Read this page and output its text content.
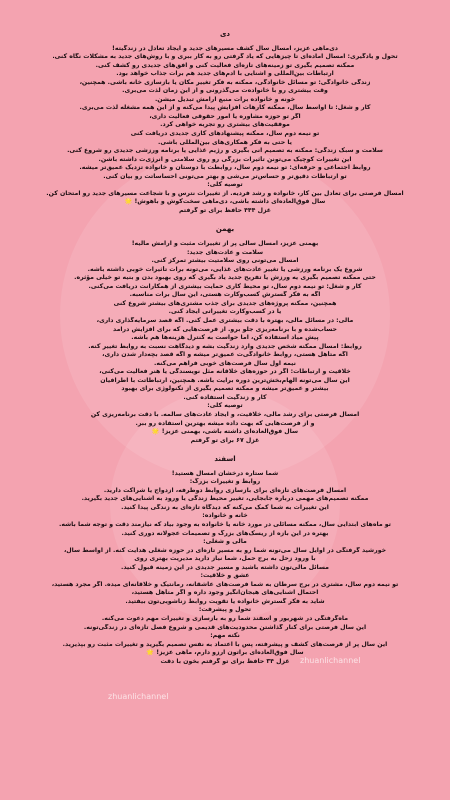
دی
دی‌ماهی عزیز، امسال سال کشف مسیرهای جدید و ایجاد تعادل در زندگیته!
تحول و یادگیری: امسال آماده‌ای تا چیزهایی که یاد گرفتی رو به کار ببری و با روش‌های جدید به مشکلات نگاه کنی.
ممکنه تصمیم بگیری تو زمینه‌های تازه‌ای فعالیت کنی و افق‌های جدیدی رو کشف کنی.
ارتباطات بین‌المللی و آشنایی با آدم‌های جدید هم برات جذاب خواهد بود.
زندگی خانوادگی: تو مسائل خانوادگی، ممکنه به فکر تغییر مکان یا بازسازی خانه باشی. همچنین،
وقت بیشتری رو با خانواده‌ت می‌گذرونی و از این زمان لذت می‌بری.
خونه و خانواده برات منبع آرامش تبدیل میشن.
کار و شغل: تا اواسط سال، ممکنه کارهات افزایش پیدا می‌کنه و از این همه مشغله لذت می‌بری.
اگر تو حوزه مشاوره یا امور حقوقی فعالیت داری،
موفقیت‌های بیشتری رو تجربه خواهی کرد.
تو نیمه دوم سال، ممکنه پیشنهادهای کاری جدیدی دریافت کنی
یا حتی به فکر همکاری‌های بین‌المللی باشی.
سلامت و سبک زندگی: ممکنه به تصمیم آنی بگیری و رژیم غذایی یا برنامه ورزشی جدیدی رو شروع کنی.
این تغییرات کوچیک می‌تونن تأثیرات بزرگی رو روی سلامتی و انرژی‌ت داشته باشن.
روابط اجتماعی و حرفه‌ای: تو نیمه دوم سال، روابطت با دوستان و خانواده تزدیک عمیق‌تر میشه.
تو ارتباطات دقیق‌تر و حساس‌تر می‌شی و بهتر می‌تونی احساساتت رو بیان کنی.
توصیه کلی:
امسال فرصتی برای تعادل بین کار، خانواده و رشد فردیه. از تغییرات نترس و با شجاعت مسیرهای جدید رو امتحان کن.
سال فوق‌العاده‌ای داشته باشی، دی‌ماهی سخت‌کوش و باهوش! 🌟
غزل ۴۴۴ حافظ برای تو گرفتم
بهمن
بهمنی عزیز، امسال سالی پر از تغییرات مثبت و آرامش مالیه!
سلامت و عادت‌های جدید:
امسال می‌تونی روی سلامتیت بیشتر تمرکز کنی.
شروع یک برنامه ورزشی یا تغییر عادت‌های غذایی، می‌تونه برات تأثیرات خوبی داشته باشه.
حتی ممکنه تصمیم بگیری یه ورزش یا تفریح جدید یاد بگیری که روی بهبود بدن و بنیه تو خیلی مؤثره.
کار و شغل: تو نیمه دوم سال، تو محیط کاری حمایت بیشتری از همکارانت دریافت می‌کنی.
اگه به فکر گسترش کسب‌وکارت هستی، این سال برات مناسبه.
همچنین، ممکنه پروژه‌های جدیدی برای جذب مشتری‌های بیشتر شروع کنی
یا در کسب‌وکارت تغییراتی ایجاد کنی.
مالی: در مسائل مالی، بهتره با دقت بیشتری عمل کنی. اگه قصد سرمایه‌گذاری داری،
حساب‌شده و با برنامه‌ریزی جلو برو. از فرصت‌هایی که برای افزایش درآمد
پیش میاد استفاده کن، اما حواست به کنترل هزینه‌ها هم باشه.
روابط: امسال ممکنه شخص جدیدی وارد زندگیت بشه و دیدگاهت نسبت به روابط تغییر کنه.
اگه متأهل هستی، روابط خانوادگی‌ت عمیق‌تر میشه و اگه قصد بچه‌دار شدن داری،
نیمه اول سال فرصت‌های خوبی فراهم می‌کنه.
خلاقیت و ارتباطات: اگر در حوزه‌های خلاقانه مثل نویسندگی یا هنر فعالیت می‌کنی،
این سال می‌تونه الهام‌بخش‌ترین دوره برایت باشه. همچنین، ارتباطاتت با اطرافیان
بیشتر و عمیق‌تر میشه و ممکنه تصمیم بگیری از تکنولوژی برای بهبود
کار و زندگیت استفاده کنی.
توصیه کلی:
امسال فرصتی برای رشد مالی، خلاقیت، و ایجاد عادت‌های سالمه. با دقت برنامه‌ریزی کن
و از فرصت‌هایی که بهت داده میشه بهترین استفاده رو ببر.
سال فوق‌العاده‌ای داشته باشی، بهمنی عزیز! 🌟
غزل ۶۷ برای تو گرفتم
اسفند
شما ستاره درخشان امسال هستید!
روابط و تغییرات بزرگ:
امسال فرصت‌های تازه‌ای برای بازسازی روابط دوطرفه، ازدواج یا شراکت دارید.
ممکنه تصمیم‌های مهمی درباره جابجایی، تغییر محیط زندگی یا ورود به آشنایی‌های جدید بگیرید.
این تغییرات به شما کمک می‌کنه که دیدگاه تازه‌ای به زندگی پیدا کنید.
خانه و خانواده:
تو ماه‌های ابتدایی سال، ممکنه مسائلی در مورد خانه یا خانواده به وجود بیاد که نیازمند دقت و توجه شما باشه.
بهتره در این بازه از ریسک‌های بزرگ و تصمیمات عجولانه دوری کنید.
مالی و شغلی:
خورشید گرفتگی در اوایل سال می‌تونه شما رو به مسیر تازه‌ای در حوزه شغلی هدایت کنه. از اواسط سال،
با ورود زحل به برج حمل، شما نیاز دارید مدیریت بهتری روی
مسائل مالی‌تون داشته باشید و مسیر جدیدی در این زمینه قبول کنید.
عشق و خلاقیت:
تو نیمه دوم سال، مشتری در برج سرطان به شما فرصت‌های عاشقانه، رمانتیک و خلاقانه‌ای میده. اگر مجرد هستید،
احتمال آشنایی‌های هیجان‌انگیز وجود داره و اگر متأهل هستید،
شاید به فکر گسترش خانواده یا تقویت روابط زناشویی‌تون بیفتید.
تحول و پیشرفت:
ماه‌گرفتگی در شهریور و اسفند شما رو به بازسازی و تغییرات مهم دعوت می‌کنه.
این سال فرصتی برای کنار گذاشتن محدودیت‌های قدیمی و شروع فصل تازه‌ای در زندگی‌تونه.
نکته مهم:
این سال پر از فرصت‌های کشف و پیشرفته، پس با اعتماد به نفس تصمیم بگیرید و تغییرات مثبت رو بپذیرید.
سال فوق‌العاده‌ای براتون آرزو دارم، ماهی عزیز! 🌟
غزل ۳۴ حافظ برای تو گرفتم بخون با دقت
zhuanlichannel
zhuanlichannel
